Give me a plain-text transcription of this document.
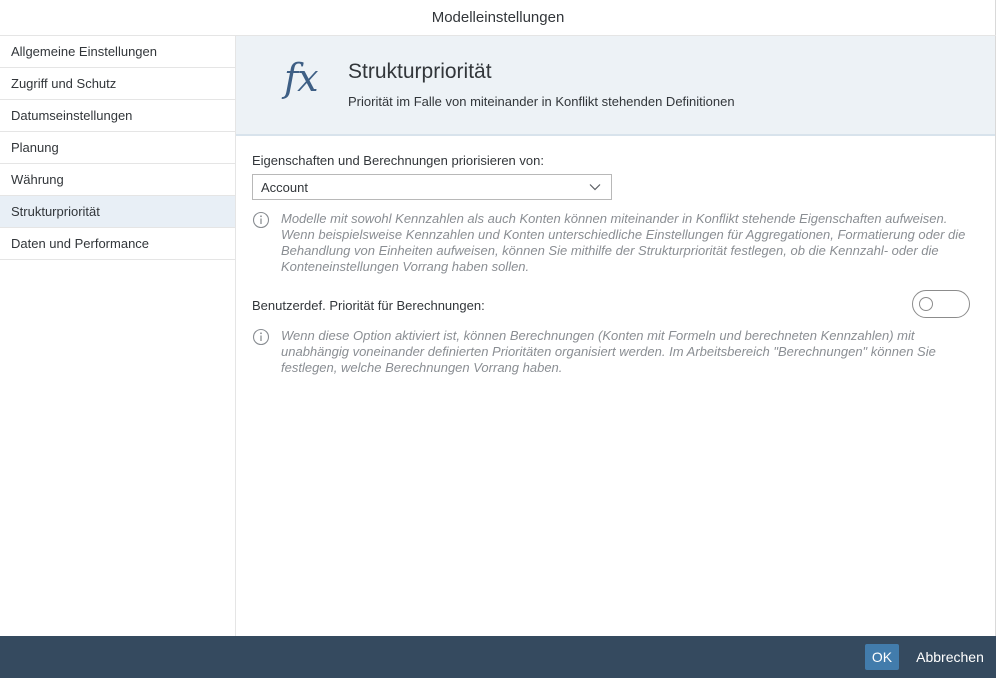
Modelleinstellungen
Allgemeine Einstellungen
Zugriff und Schutz
Datumseinstellungen
Planung
Währung
Strukturpriorität
Daten und Performance
fx Strukturpriorität
Priorität im Falle von miteinander in Konflikt stehenden Definitionen
Eigenschaften und Berechnungen priorisieren von:
Account
Modelle mit sowohl Kennzahlen als auch Konten können miteinander in Konflikt stehende Eigenschaften aufweisen. Wenn beispielsweise Kennzahlen und Konten unterschiedliche Einstellungen für Aggregationen, Formatierung oder die Behandlung von Einheiten aufweisen, können Sie mithilfe der Strukturpriorität festlegen, ob die Kennzahl- oder die Konteneinstellungen Vorrang haben sollen.
Benutzerdef. Priorität für Berechnungen:
Wenn diese Option aktiviert ist, können Berechnungen (Konten mit Formeln und berechneten Kennzahlen) mit unabhängig voneinander definierten Prioritäten organisiert werden. Im Arbeitsbereich "Berechnungen" können Sie festlegen, welche Berechnungen Vorrang haben.
OK	Abbrechen
